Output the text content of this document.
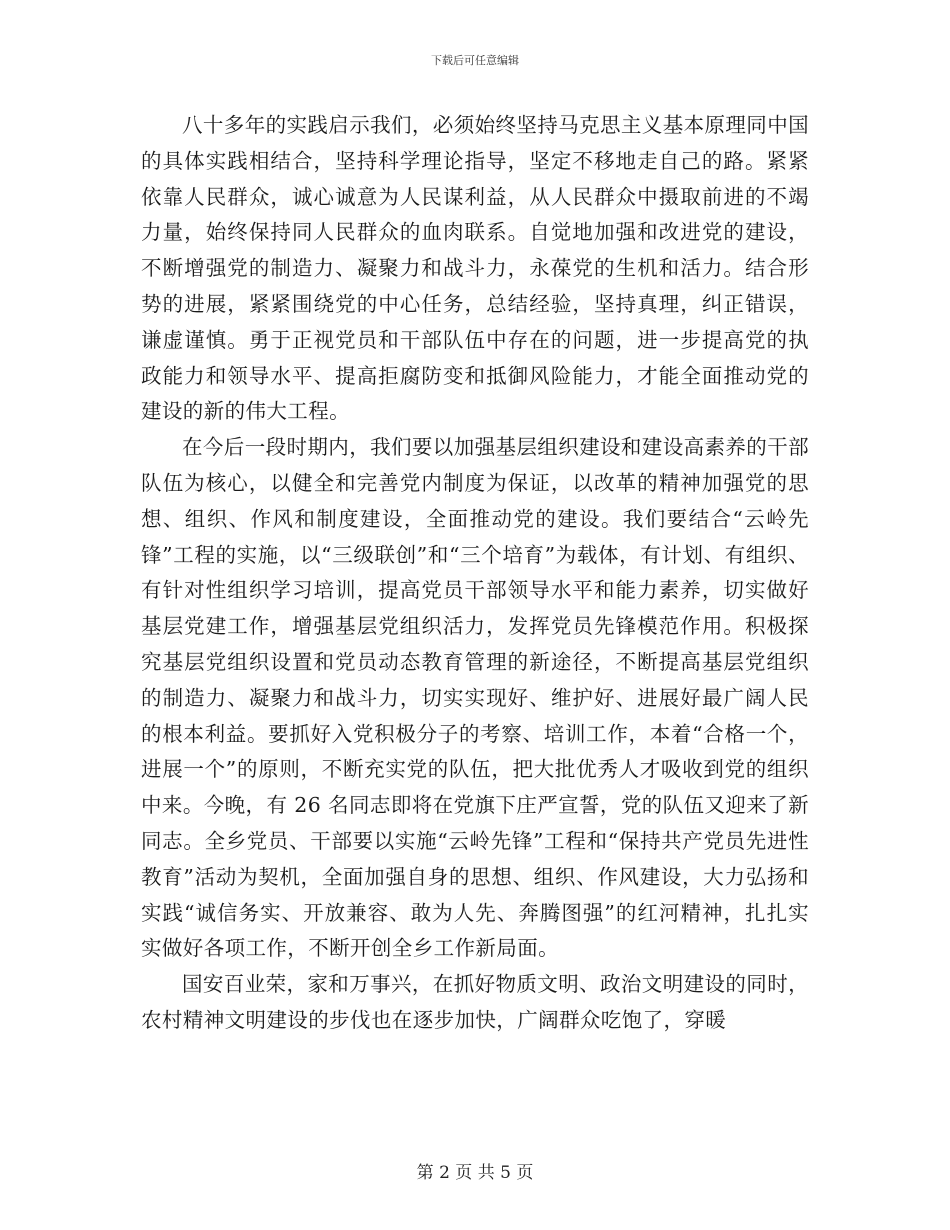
下载后可任意编辑

八十多年的实践启示我们，必须始终坚持马克思主义基本原理同中国的具体实践相结合，坚持科学理论指导，坚定不移地走自己的路。紧紧依靠人民群众，诚心诚意为人民谋利益，从人民群众中摄取前进的不竭力量，始终保持同人民群众的血肉联系。自觉地加强和改进党的建设，不断增强党的制造力、凝聚力和战斗力，永葆党的生机和活力。结合形势的进展，紧紧围绕党的中心任务，总结经验，坚持真理，纠正错误，谦虚谨慎。勇于正视党员和干部队伍中存在的问题，进一步提高党的执政能力和领导水平、提高拒腐防变和抵御风险能力，才能全面推动党的建设的新的伟大工程。

在今后一段时期内，我们要以加强基层组织建设和建设高素养的干部队伍为核心，以健全和完善党内制度为保证，以改革的精神加强党的思想、组织、作风和制度建设，全面推动党的建设。我们要结合“云岭先锋”工程的实施，以“三级联创”和“三个培育”为载体，有计划、有组织、有针对性组织学习培训，提高党员干部领导水平和能力素养，切实做好基层党建工作，增强基层党组织活力，发挥党员先锋模范作用。积极探究基层党组织设置和党员动态教育管理的新途径，不断提高基层党组织的制造力、凝聚力和战斗力，切实实现好、维护好、进展好最广阔人民的根本利益。要抓好入党积极分子的考察、培训工作，本着“合格一个，进展一个”的原则，不断充实党的队伍，把大批优秀人才吸收到党的组织中来。今晚，有 26 名同志即将在党旗下庄严宣誓，党的队伍又迎来了新同志。全乡党员、干部要以实施“云岭先锋”工程和“保持共产党员先进性教育”活动为契机，全面加强自身的思想、组织、作风建设，大力弘扬和实践“诚信务实、开放兼容、敢为人先、奔腾图强”的红河精神，扎扎实实做好各项工作，不断开创全乡工作新局面。

国安百业荣，家和万事兴，在抓好物质文明、政治文明建设的同时，农村精神文明建设的步伐也在逐步加快，广阔群众吃饱了，穿暖

第 2 页 共 5 页
